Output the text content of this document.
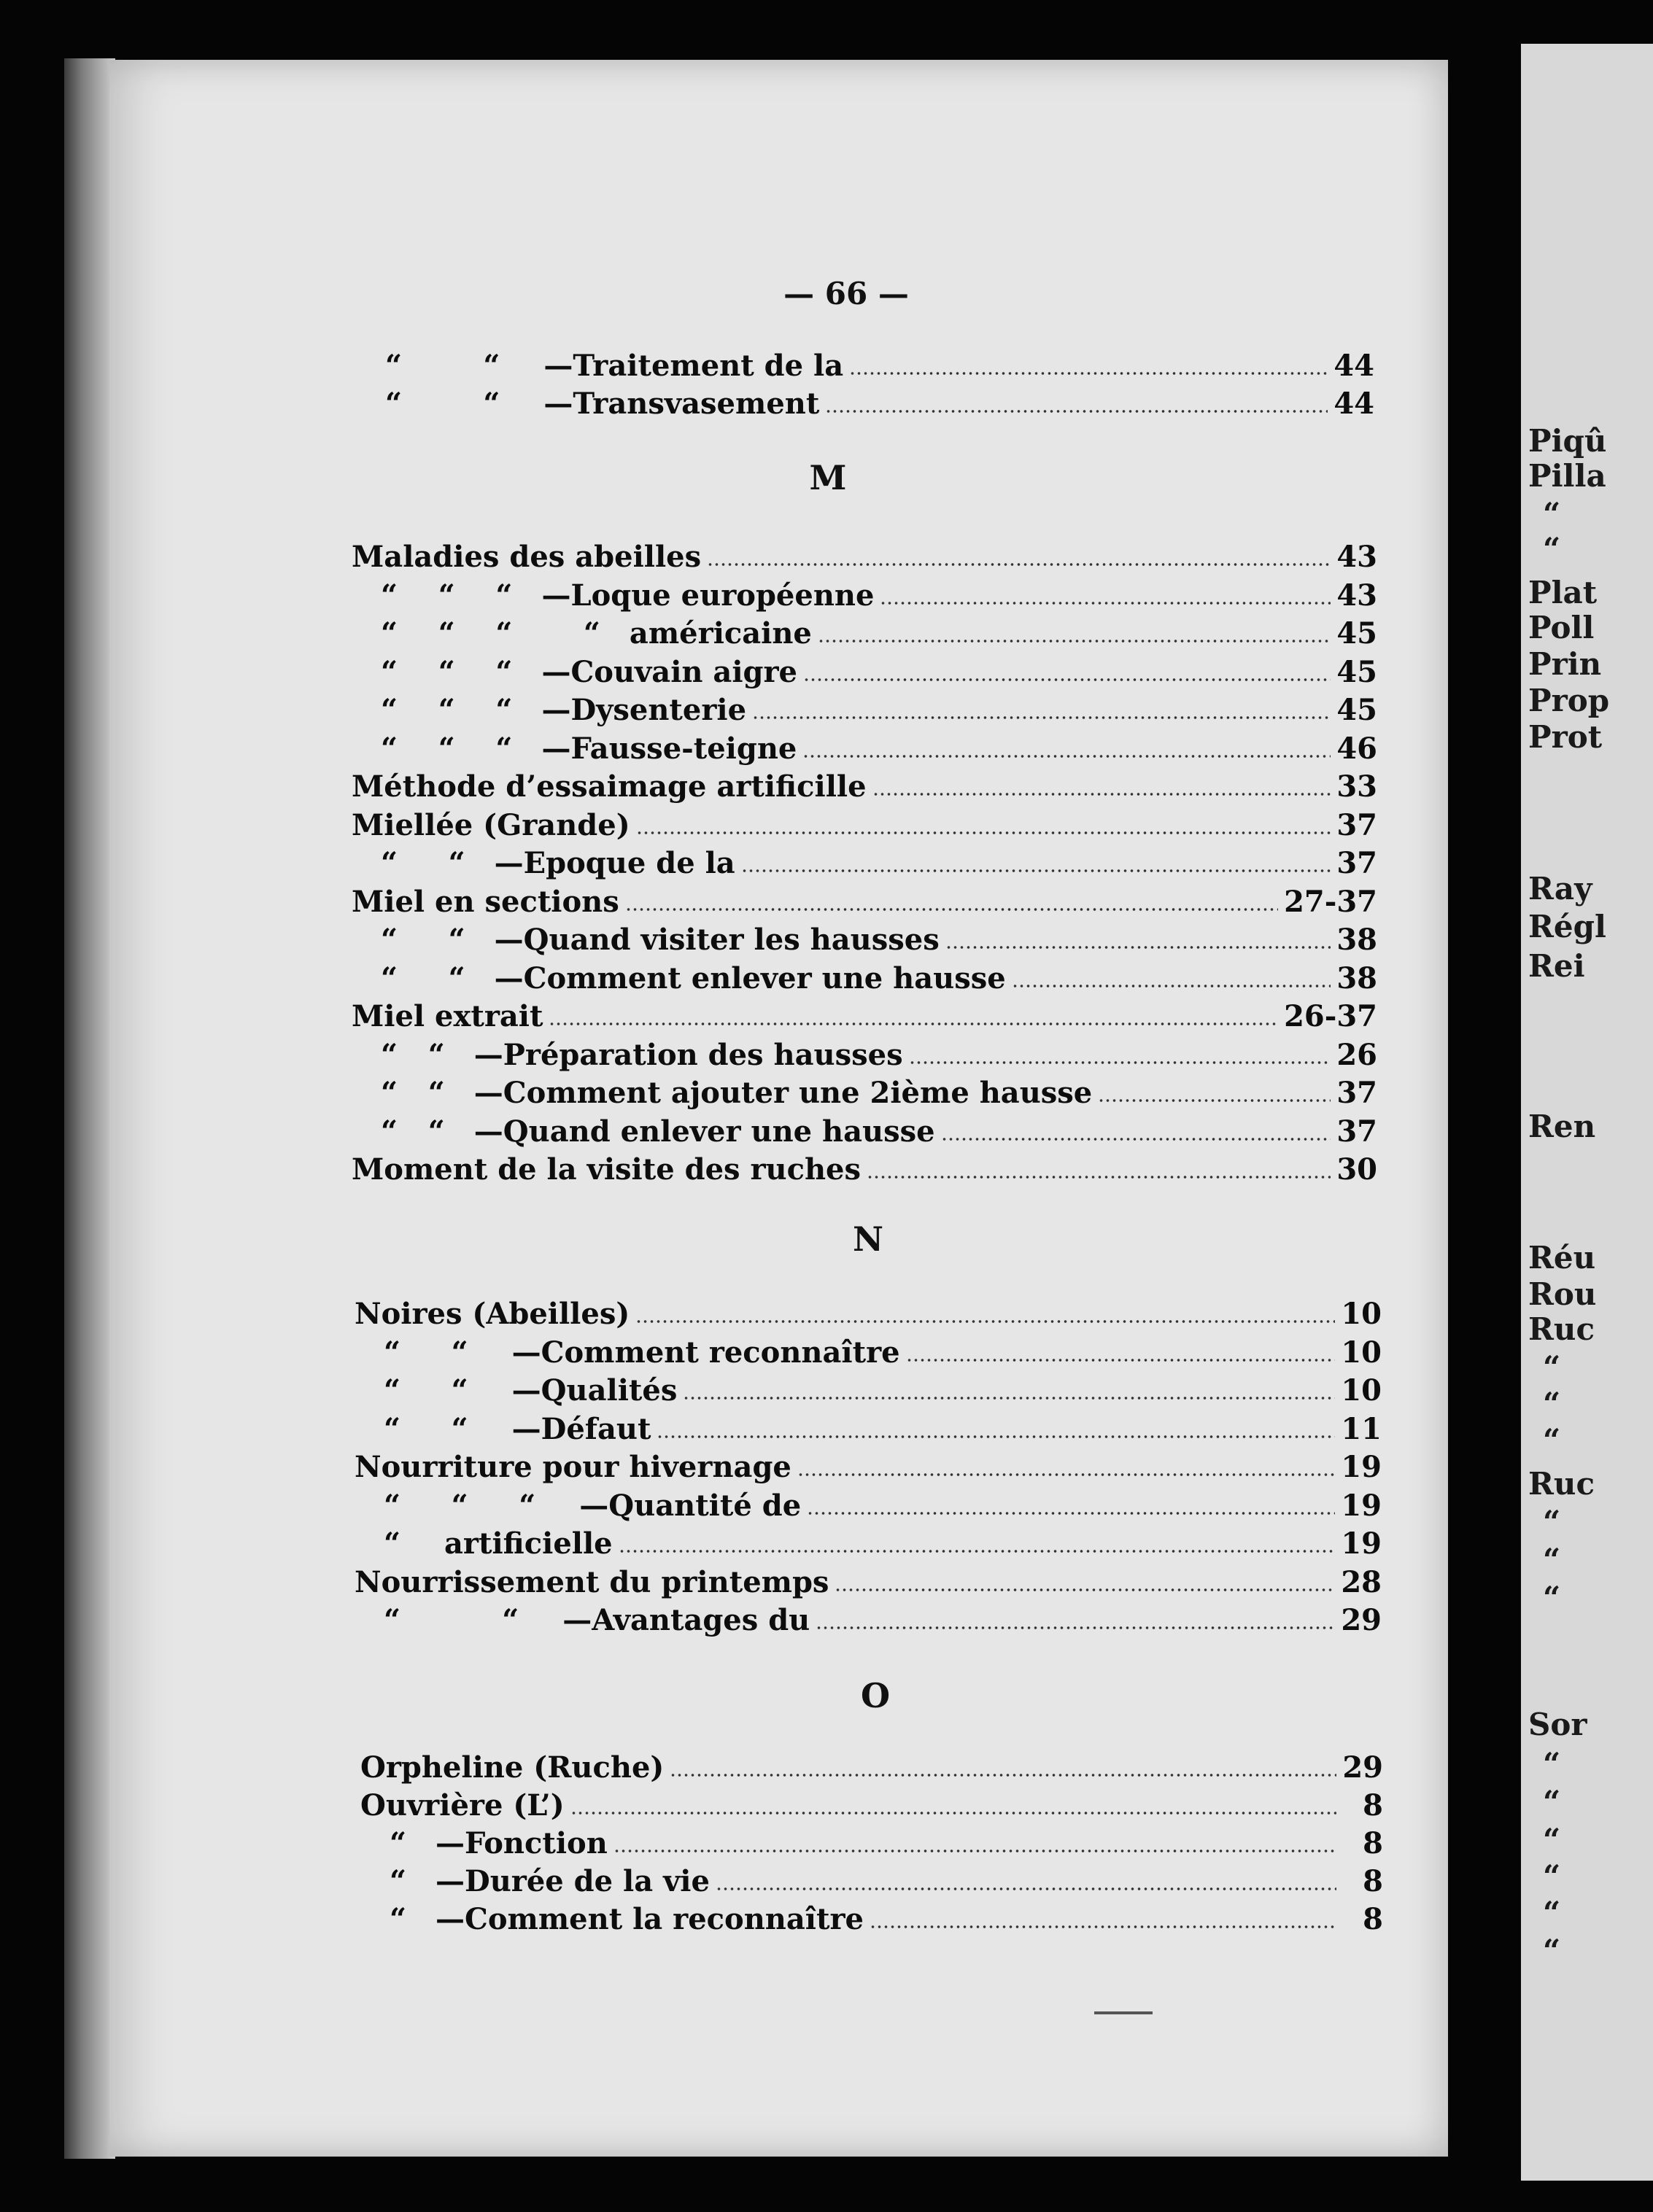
Piqû
Pilla
“
“
Plat
Poll
Prin
Prop
Prot
Ray
Régl
Rei
Ren
Réu
Rou
Ruc
“
“
“
Ruc
“
“
“
Sor
“
“
“
“
“
“
— 66 —
M
N
O
“        “ —Traitement de la	44
“        “ —Transvasement	44
Maladies des abeilles	43
“    “    “ —Loque européenne	43
“    “    “       “ américaine	45
“    “    “ —Couvain aigre	45
“    “    “ —Dysenterie	45
“    “    “ —Fausse-teigne	46
Méthode d’essaimage artificille	33
Miellée (Grande)	37
“     “ —Epoque de la	37
Miel en sections	27-37
“     “ —Quand visiter les hausses	38
“     “ —Comment enlever une hausse	38
Miel extrait	26-37
“   “ —Préparation des hausses	26
“   “ —Comment ajouter une 2ième hausse	37
“   “ —Quand enlever une hausse	37
Moment de la visite des ruches	30
Noires (Abeilles)	10
“     “ —Comment reconnaître	10
“     “ —Qualités	10
“     “ —Défaut	11
Nourriture pour hivernage	19
“     “     “ —Quantité de	19
“ artificielle	19
Nourrissement du printemps	28
“          “ —Avantages du	29
Orpheline (Ruche)	29
Ouvrière (L’)	8
“ —Fonction	8
“ —Durée de la vie	8
“ —Comment la reconnaître	8
